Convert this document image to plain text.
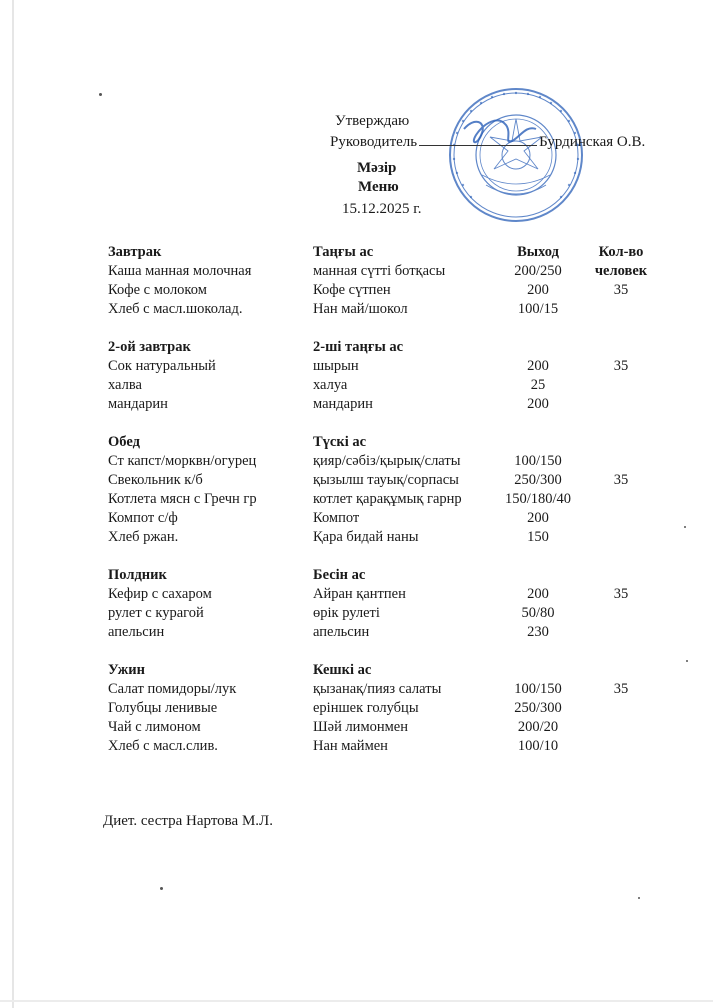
Утверждаю
Руководитель	Бурдинская О.В.
Мәзір
Меню
15.12.2025 г.
Завтрак
Каша манная молочная
Кофе с молоком
Хлеб с масл.шоколад.
2-ой завтрак
Сок натуральный
халва
мандарин
Обед
Ст капст/морквн/огурец
Свекольник к/б
Котлета мясн с Гречн гр
Компот с/ф
Хлеб ржан.
Полдник
Кефир с сахаром
рулет с курагой
апельсин
Ужин
Салат помидоры/лук
Голубцы ленивые
Чай с лимоном
Хлеб с масл.слив.
Таңғы ас
манная сүтті ботқасы
Кофе сүтпен
Нан май/шокол
2-ші таңғы ас
шырын
халуа
мандарин
Түскі ас
қияр/сәбіз/қырық/слаты
қызылш тауық/сорпасы
котлет қарақұмық гарнр
Компот
Қара бидай наны
Бесін ас
Айран қантпен
өрік рулеті
апельсин
Кешкі ас
қызанақ/пияз салаты
ерiншек голубцы
Шәй лимонмен
Нан маймен
Выход
200/250
200
100/15
200
25
200
100/150
250/300
150/180/40
200
150
200
50/80
230
100/150
250/300
200/20
100/10
Кол-во
человек
35
35
35
35
35
Диет. сестра Нартова М.Л.
